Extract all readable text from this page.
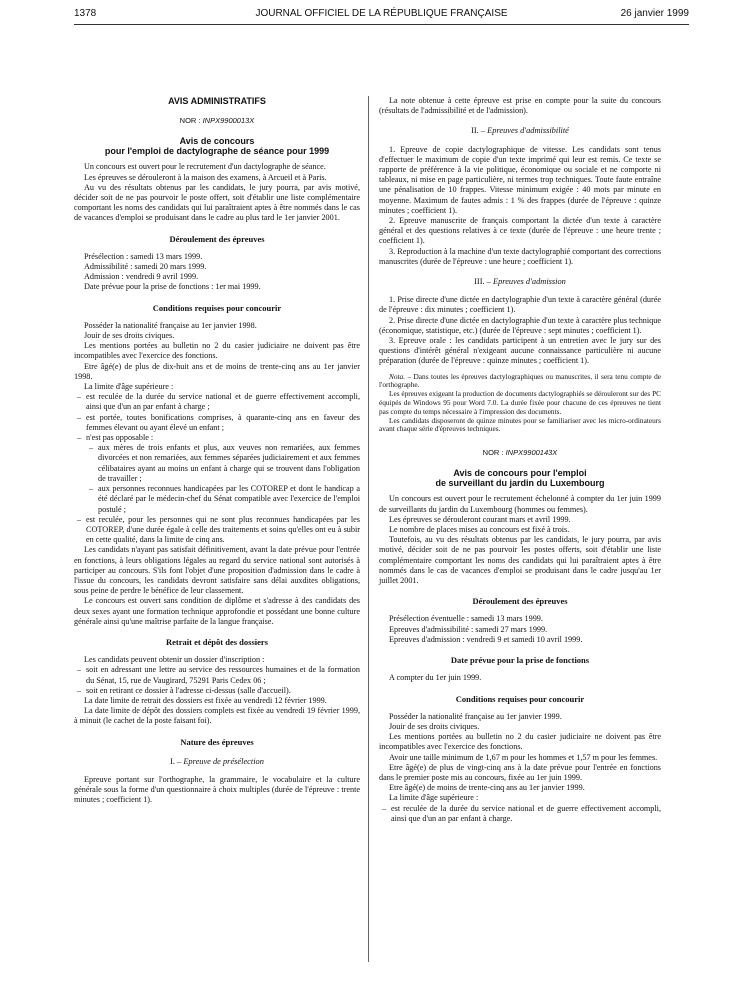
1378	JOURNAL OFFICIEL DE LA RÉPUBLIQUE FRANÇAISE	26 janvier 1999
AVIS ADMINISTRATIFS
NOR : INPX9900013X
Avis de concours
pour l'emploi de dactylographe de séance pour 1999

Un concours est ouvert pour le recrutement d'un dactylographe de séance.

Les épreuves se dérouleront à la maison des examens, à Arcueil et à Paris.

Au vu des résultats obtenus par les candidats, le jury pourra, par avis motivé, décider soit de ne pas pourvoir le poste offert, soit d'établir une liste complémentaire comportant les noms des candidats qui lui paraîtraient aptes à être nommés dans le cas de vacances d'emploi se produisant dans le cadre au plus tard le 1er janvier 2001.

Déroulement des épreuves

Présélection : samedi 13 mars 1999.

Admissibilité : samedi 20 mars 1999.

Admission : vendredi 9 avril 1999.

Date prévue pour la prise de fonctions : 1er mai 1999.

Conditions requises pour concourir

Posséder la nationalité française au 1er janvier 1998.

Jouir de ses droits civiques.

Les mentions portées au bulletin no 2 du casier judiciaire ne doivent pas être incompatibles avec l'exercice des fonctions.

Etre âgé(e) de plus de dix-huit ans et de moins de trente-cinq ans au 1er janvier 1998.

La limite d'âge supérieure :

– est reculée de la durée du service national et de guerre effectivement accompli, ainsi que d'un an par enfant à charge ;

– est portée, toutes bonifications comprises, à quarante-cinq ans en faveur des femmes élevant ou ayant élevé un enfant ;

– n'est pas opposable :

– aux mères de trois enfants et plus, aux veuves non remariées, aux femmes divorcées et non remariées, aux femmes séparées judiciairement et aux femmes célibataires ayant au moins un enfant à charge qui se trouvent dans l'obligation de travailler ;

– aux personnes reconnues handicapées par les COTOREP et dont le handicap a été déclaré par le médecin-chef du Sénat compatible avec l'exercice de l'emploi postulé ;

– est reculée, pour les personnes qui ne sont plus reconnues handicapées par les COTOREP, d'une durée égale à celle des traitements et soins qu'elles ont eu à subir en cette qualité, dans la limite de cinq ans.

Les candidats n'ayant pas satisfait définitivement, avant la date prévue pour l'entrée en fonctions, à leurs obligations légales au regard du service national sont autorisés à participer au concours. S'ils font l'objet d'une proposition d'admission dans le cadre à l'issue du concours, les candidats devront satisfaire sans délai auxdites obligations, sous peine de perdre le bénéfice de leur classement.

Le concours est ouvert sans condition de diplôme et s'adresse à des candidats des deux sexes ayant une formation technique approfondie et possédant une bonne culture générale ainsi qu'une maîtrise parfaite de la langue française.

Retrait et dépôt des dossiers

Les candidats peuvent obtenir un dossier d'inscription :

– soit en adressant une lettre au service des ressources humaines et de la formation du Sénat, 15, rue de Vaugirard, 75291 Paris Cedex 06 ;

– soit en retirant ce dossier à l'adresse ci-dessus (salle d'accueil).

La date limite de retrait des dossiers est fixée au vendredi 12 février 1999.

La date limite de dépôt des dossiers complets est fixée au vendredi 19 février 1999, à minuit (le cachet de la poste faisant foi).

Nature des épreuves
I. – Epreuve de présélection

Epreuve portant sur l'orthographe, la grammaire, le vocabulaire et la culture générale sous la forme d'un questionnaire à choix multiples (durée de l'épreuve : trente minutes ; coefficient 1).

La note obtenue à cette épreuve est prise en compte pour la suite du concours (résultats de l'admissibilité et de l'admission).

II. – Epreuves d'admissibilité

1. Epreuve de copie dactylographique de vitesse. Les candidats sont tenus d'effectuer le maximum de copie d'un texte imprimé qui leur est remis. Ce texte se rapporte de préférence à la vie politique, économique ou sociale et ne comporte ni tableaux, ni mise en page particulière, ni termes trop techniques. Toute faute entraîne une pénalisation de 10 frappes. Vitesse minimum exigée : 40 mots par minute en moyenne. Maximum de fautes admis : 1 % des frappes (durée de l'épreuve : quinze minutes ; coefficient 1).

2. Epreuve manuscrite de français comportant la dictée d'un texte à caractère général et des questions relatives à ce texte (durée de l'épreuve : une heure trente ; coefficient 1).

3. Reproduction à la machine d'un texte dactylographié comportant des corrections manuscrites (durée de l'épreuve : une heure ; coefficient 1).

III. – Epreuves d'admission

1. Prise directe d'une dictée en dactylographie d'un texte à caractère général (durée de l'épreuve : dix minutes ; coefficient 1).

2. Prise directe d'une dictée en dactylographie d'un texte à caractère plus technique (économique, statistique, etc.) (durée de l'épreuve : sept minutes ; coefficient 1).

3. Epreuve orale : les candidats participent à un entretien avec le jury sur des questions d'intérêt général n'exigeant aucune connaissance particulière ni aucune préparation (durée de l'épreuve : quinze minutes ; coefficient 1).

Nota. – Dans toutes les épreuves dactylographiques ou manuscrites, il sera tenu compte de l'orthographe.

Les épreuves exigeant la production de documents dactylographiés se dérouleront sur des PC équipés de Windows 95 pour Word 7.0. La durée fixée pour chacune de ces épreuves ne tient pas compte du temps nécessaire à l'impression des documents.

Les candidats disposeront de quinze minutes pour se familiariser avec les micro-ordinateurs avant chaque série d'épreuves techniques.

NOR : INPX9900143X
Avis de concours pour l'emploi
de surveillant du jardin du Luxembourg

Un concours est ouvert pour le recrutement échelonné à compter du 1er juin 1999 de surveillants du jardin du Luxembourg (hommes ou femmes).

Les épreuves se dérouleront courant mars et avril 1999.

Le nombre de places mises au concours est fixé à trois.

Toutefois, au vu des résultats obtenus par les candidats, le jury pourra, par avis motivé, décider soit de ne pas pourvoir les postes offerts, soit d'établir une liste complémentaire comportant les noms des candidats qui lui paraîtraient aptes à être nommés dans le cas de vacances d'emploi se produisant dans le cadre jusqu'au 1er juillet 2001.

Déroulement des épreuves

Présélection éventuelle : samedi 13 mars 1999.

Epreuves d'admissibilité : samedi 27 mars 1999.

Epreuves d'admission : vendredi 9 et samedi 10 avril 1999.

Date prévue pour la prise de fonctions

A compter du 1er juin 1999.

Conditions requises pour concourir

Posséder la nationalité française au 1er janvier 1999.

Jouir de ses droits civiques.

Les mentions portées au bulletin no 2 du casier judiciaire ne doivent pas être incompatibles avec l'exercice des fonctions.

Avoir une taille minimum de 1,67 m pour les hommes et 1,57 m pour les femmes.

Etre âgé(e) de plus de vingt-cinq ans à la date prévue pour l'entrée en fonctions dans le premier poste mis au concours, fixée au 1er juin 1999.

Etre âgé(e) de moins de trente-cinq ans au 1er janvier 1999.

La limite d'âge supérieure :

– est reculée de la durée du service national et de guerre effectivement accompli, ainsi que d'un an par enfant à charge.
